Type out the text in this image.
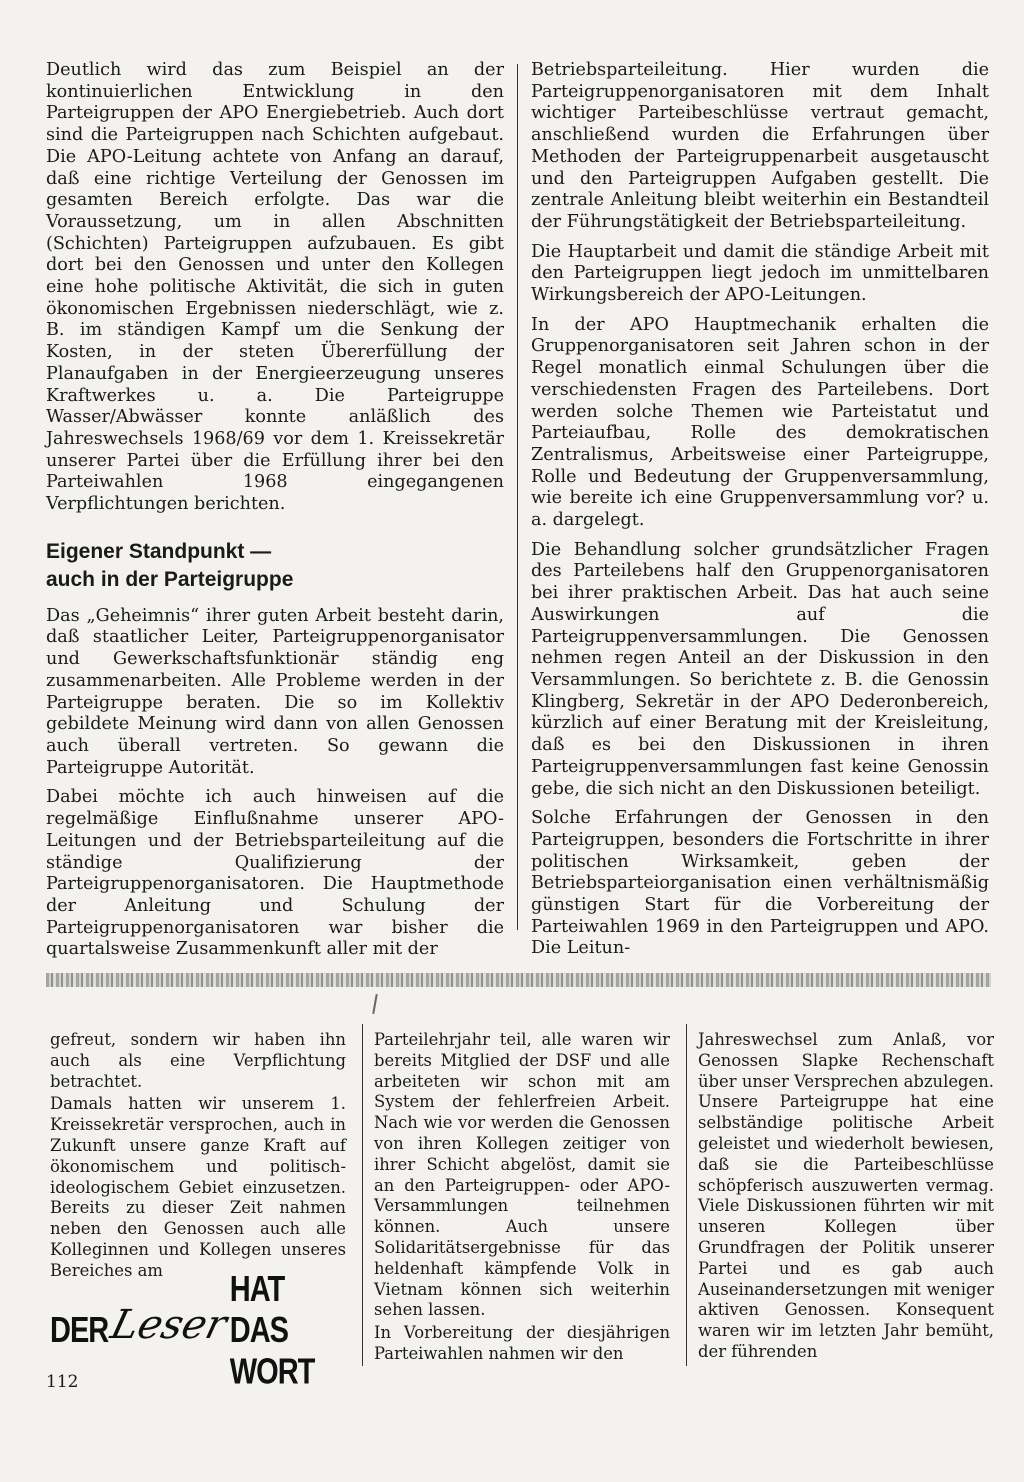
Deutlich wird das zum Beispiel an der kontinuierlichen Entwicklung in den Parteigruppen der APO Energiebetrieb. Auch dort sind die Parteigruppen nach Schichten aufgebaut. Die APO-Leitung achtete von Anfang an darauf, daß eine richtige Verteilung der Genossen im gesamten Bereich erfolgte. Das war die Voraussetzung, um in allen Abschnitten (Schichten) Parteigruppen aufzubauen. Es gibt dort bei den Genossen und unter den Kollegen eine hohe politische Aktivität, die sich in guten ökonomischen Ergebnissen niederschlägt, wie z. B. im ständigen Kampf um die Senkung der Kosten, in der steten Übererfüllung der Planaufgaben in der Energieerzeugung unseres Kraftwerkes u. a. Die Parteigruppe Wasser/Abwässer konnte anläßlich des Jahreswechsels 1968/69 vor dem 1. Kreissekretär unserer Partei über die Erfüllung ihrer bei den Parteiwahlen 1968 eingegangenen Verpflichtungen berichten.

Eigener Standpunkt —
auch in der Parteigruppe

Das „Geheimnis“ ihrer guten Arbeit besteht darin, daß staatlicher Leiter, Parteigruppenorganisator und Gewerkschaftsfunktionär ständig eng zusammenarbeiten. Alle Probleme werden in der Parteigruppe beraten. Die so im Kollektiv gebildete Meinung wird dann von allen Genossen auch überall vertreten. So gewann die Parteigruppe Autorität.

Dabei möchte ich auch hinweisen auf die regelmäßige Einflußnahme unserer APO-Leitungen und der Betriebsparteileitung auf die ständige Qualifizierung der Parteigruppenorganisatoren. Die Hauptmethode der Anleitung und Schulung der Parteigruppenorganisatoren war bisher die quartalsweise Zusammenkunft aller mit der

Betriebsparteileitung. Hier wurden die Parteigruppenorganisatoren mit dem Inhalt wichtiger Parteibeschlüsse vertraut gemacht, anschließend wurden die Erfahrungen über Methoden der Parteigruppenarbeit ausgetauscht und den Parteigruppen Aufgaben gestellt. Die zentrale Anleitung bleibt weiterhin ein Bestandteil der Führungstätigkeit der Betriebsparteileitung.

Die Hauptarbeit und damit die ständige Arbeit mit den Parteigruppen liegt jedoch im unmittelbaren Wirkungsbereich der APO-Leitungen.

In der APO Hauptmechanik erhalten die Gruppenorganisatoren seit Jahren schon in der Regel monatlich einmal Schulungen über die verschiedensten Fragen des Parteilebens. Dort werden solche Themen wie Parteistatut und Parteiaufbau, Rolle des demokratischen Zentralismus, Arbeitsweise einer Parteigruppe, Rolle und Bedeutung der Gruppenversammlung, wie bereite ich eine Gruppenversammlung vor? u. a. dargelegt.

Die Behandlung solcher grundsätzlicher Fragen des Parteilebens half den Gruppenorganisatoren bei ihrer praktischen Arbeit. Das hat auch seine Auswirkungen auf die Parteigruppenversammlungen. Die Genossen nehmen regen Anteil an der Diskussion in den Versammlungen. So berichtete z. B. die Genossin Klingberg, Sekretär in der APO Dederonbereich, kürzlich auf einer Beratung mit der Kreisleitung, daß es bei den Diskussionen in ihren Parteigruppenversammlungen fast keine Genossin gebe, die sich nicht an den Diskussionen beteiligt.

Solche Erfahrungen der Genossen in den Parteigruppen, besonders die Fortschritte in ihrer politischen Wirksamkeit, geben der Betriebsparteiorganisation einen verhältnismäßig günstigen Start für die Vorbereitung der Parteiwahlen 1969 in den Parteigruppen und APO. Die Leitun-

gefreut, sondern wir haben ihn auch als eine Verpflichtung betrachtet.

Damals hatten wir unserem 1. Kreissekretär versprochen, auch in Zukunft unsere ganze Kraft auf ökonomischem und politisch-ideologischem Gebiet einzusetzen. Bereits zu dieser Zeit nahmen neben den Genossen auch alle Kolleginnen und Kollegen unseres Bereiches am

Parteilehrjahr teil, alle waren wir bereits Mitglied der DSF und alle arbeiteten wir schon mit am System der fehlerfreien Arbeit. Nach wie vor werden die Genossen von ihren Kollegen zeitiger von ihrer Schicht abgelöst, damit sie an den Parteigruppen- oder APO-Versammlungen teilnehmen können. Auch unsere Solidaritätsergebnisse für das heldenhaft kämpfende Volk in Vietnam können sich weiterhin sehen lassen.

In Vorbereitung der diesjährigen Parteiwahlen nahmen wir den

Jahreswechsel zum Anlaß, vor Genossen Slapke Rechenschaft über unser Versprechen abzulegen. Unsere Parteigruppe hat eine selbständige politische Arbeit geleistet und wiederholt bewiesen, daß sie die Parteibeschlüsse schöpferisch auszuwerten vermag. Viele Diskussionen führten wir mit unseren Kollegen über Grundfragen der Politik unserer Partei und es gab auch Auseinandersetzungen mit weniger aktiven Genossen. Konsequent waren wir im letzten Jahr bemüht, der führenden

DER
Leser
HAT DAS WORT
112
